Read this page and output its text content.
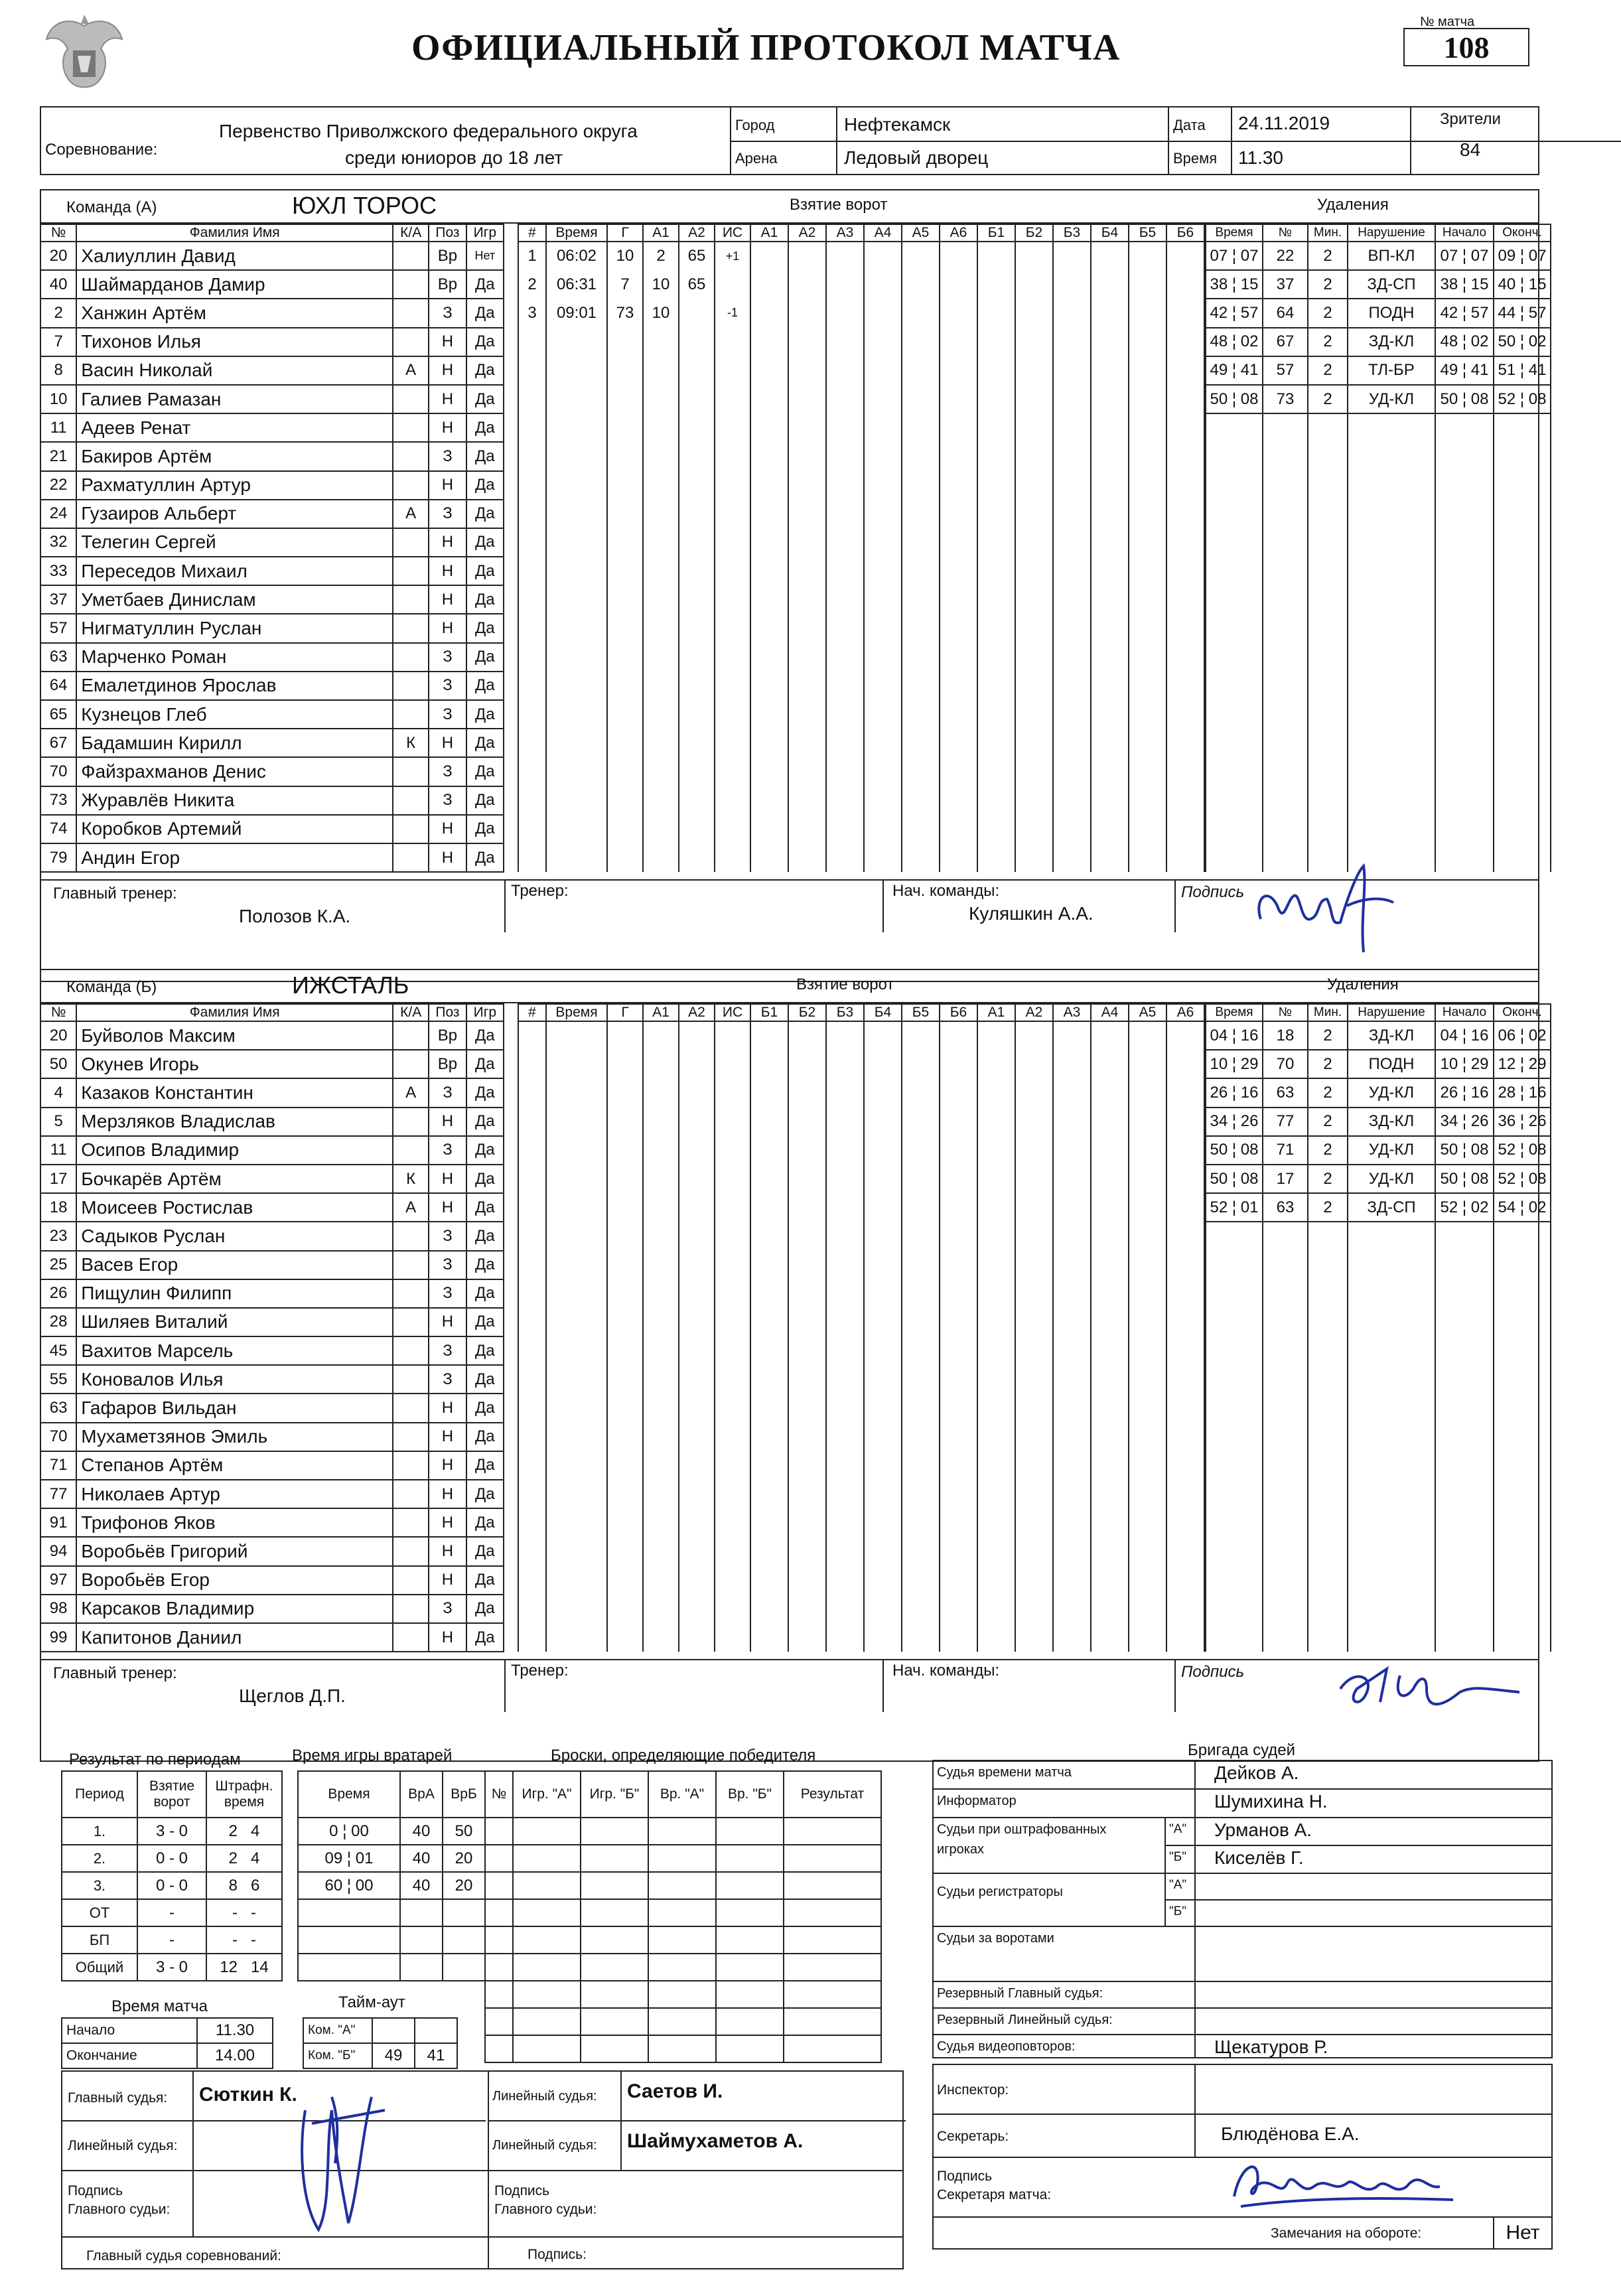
ОФИЦИАЛЬНЫЙ ПРОТОКОЛ МАТЧА
№ матча
108
Соревнование:
Первенство Приволжского федерального округа
среди юниоров до 18 лет
Город	Нефтекамск
Арена	Ледовый дворец
Дата 24.11.2019
Время 11.30
Зрители
84
Команда (А)	ЮХЛ ТОРОС	Взятие ворот	Удаления
№	Фамилия Имя	К/А	Поз	Игр
20	Халиуллин Давид		Вр	Нет
40	Шаймарданов Дамир		Вр	Да
2	Ханжин Артём		З	Да
7	Тихонов Илья		Н	Да
8	Васин Николай	А	Н	Да
10	Галиев Рамазан		Н	Да
11	Адеев Ренат		Н	Да
21	Бакиров Артём		З	Да
22	Рахматуллин Артур		Н	Да
24	Гузаиров Альберт	А	З	Да
32	Телегин Сергей		Н	Да
33	Переседов Михаил		Н	Да
37	Уметбаев Динислам		Н	Да
57	Нигматуллин Руслан		Н	Да
63	Марченко Роман		З	Да
64	Емалетдинов Ярослав		З	Да
65	Кузнецов Глеб		З	Да
67	Бадамшин Кирилл	К	Н	Да
70	Файзрахманов Денис		З	Да
73	Журавлёв Никита		З	Да
74	Коробков Артемий		Н	Да
79	Андин Егор		Н	Да
#	Время	Г	А1	А2	ИС	А1	А2	А3	А4	А5	А6	Б1	Б2	Б3	Б4	Б5	Б6
1	06:02	10	2	65	+1												
2	06:31	7	10	65													
3	09:01	73	10		-1												

Время	№	Мин.	Нарушение	Начало	Оконч.
07 ¦ 07	22	2	ВП-КЛ	07 ¦ 07	09 ¦ 07
38 ¦ 15	37	2	ЗД-СП	38 ¦ 15	40 ¦ 15
42 ¦ 57	64	2	ПОДН	42 ¦ 57	44 ¦ 57
48 ¦ 02	67	2	ЗД-КЛ	48 ¦ 02	50 ¦ 02
49 ¦ 41	57	2	ТЛ-БР	49 ¦ 41	51 ¦ 41
50 ¦ 08	73	2	УД-КЛ	50 ¦ 08	52 ¦ 08

Главный тренер:
Полозов К.А.
Тренер:	Нач. команды:
Куляшкин А.А.
Подпись
Команда (Б)	ИЖСТАЛЬ	Взятие ворот	Удаления
№	Фамилия Имя	К/А	Поз	Игр
20	Буйволов Максим		Вр	Да
50	Окунев Игорь		Вр	Да
4	Казаков Константин	А	З	Да
5	Мерзляков Владислав		Н	Да
11	Осипов Владимир		З	Да
17	Бочкарёв Артём	К	Н	Да
18	Моисеев Ростислав	А	Н	Да
23	Садыков Руслан		З	Да
25	Васев Егор		З	Да
26	Пищулин Филипп		З	Да
28	Шиляев Виталий		Н	Да
45	Вахитов Марсель		З	Да
55	Коновалов Илья		З	Да
63	Гафаров Вильдан		Н	Да
70	Мухаметзянов Эмиль		Н	Да
71	Степанов Артём		Н	Да
77	Николаев Артур		Н	Да
91	Трифонов Яков		Н	Да
94	Воробьёв Григорий		Н	Да
97	Воробьёв Егор		Н	Да
98	Карсаков Владимир		З	Да
99	Капитонов Даниил		Н	Да
#	Время	Г	А1	А2	ИС	Б1	Б2	Б3	Б4	Б5	Б6	А1	А2	А3	А4	А5	А6

																	Время	№	Мин.	Нарушение	Начало	Оконч.
04 ¦ 16	18	2	ЗД-КЛ	04 ¦ 16	06 ¦ 02
10 ¦ 29	70	2	ПОДН	10 ¦ 29	12 ¦ 29
26 ¦ 16	63	2	УД-КЛ	26 ¦ 16	28 ¦ 16
34 ¦ 26	77	2	ЗД-КЛ	34 ¦ 26	36 ¦ 26
50 ¦ 08	71	2	УД-КЛ	50 ¦ 08	52 ¦ 08
50 ¦ 08	17	2	УД-КЛ	50 ¦ 08	52 ¦ 08
52 ¦ 01	63	2	ЗД-СП	52 ¦ 02	54 ¦ 02

Главный тренер:
Щеглов Д.П.
Тренер:	Нач. команды:	Подпись
Результат по периодам
Период	Взятие ворот	Штрафн. время
1.	3 - 0	2 4
2.	0 - 0	2 4
3.	0 - 0	8 6
ОТ	-	- -
БП	-	- -
Общий	3 - 0	12 14
Время игры вратарей
Время	ВрА	ВрБ
0 ¦ 00	40	50
09 ¦ 01	40	20
60 ¦ 00	40	20

Броски, определяющие победителя
№	Игр. "А"	Игр. "Б"	Вр. "А"	Вр. "Б"	Результат

Время матча
Начало	11.30
Окончание	14.00
Тайм-аут
Ком. "А"		
Ком. "Б"	49	41
Главный судья: Сюткин К.
Линейный судья:
Линейный судья: Саетов И.
Линейный судья: Шаймухаметов А.
Подпись
Главного судьи:
Подпись
Главного судьи:
Главный судья соревнований:	Подпись:
Бригада судей
Судья времени матча	Дейков А.
Информатор	Шумихина Н.
Судьи при оштрафованных	"А" Урманов А.
игроках
"Б" Киселёв Г.
Судьи регистраторы	"А"
"Б"
Судьи за воротами
Резервный Главный судья:
Резервный Линейный судья:
Судья видеоповторов:	Щекатуров Р.
Инспектор:
Секретарь:	Блюдёнова Е.А.
Подпись
Секретаря матча:
Замечания на обороте:	Нет
